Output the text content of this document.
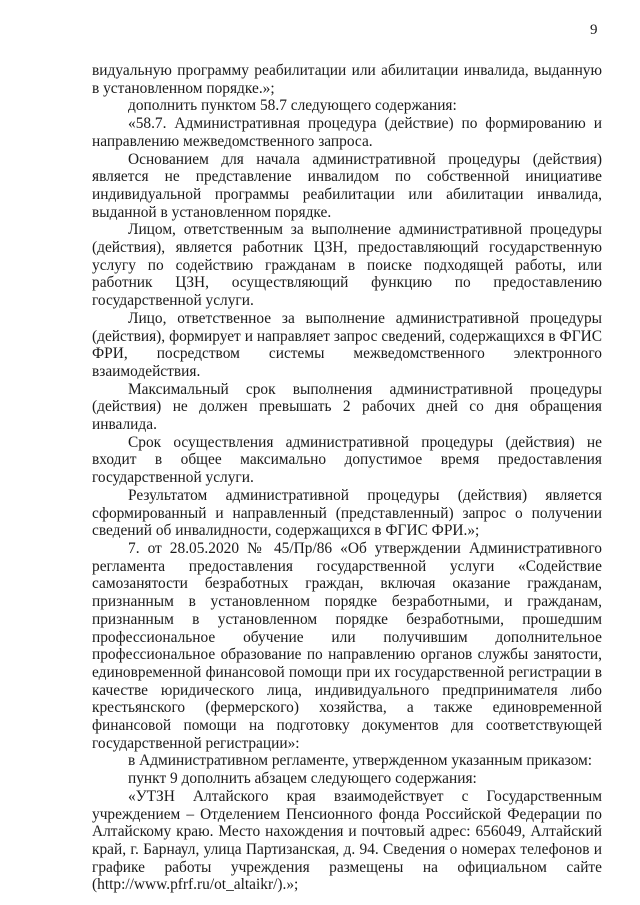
9

видуальную программу реабилитации или абилитации инвалида, выданную в установленном порядке.»;

дополнить пунктом 58.7 следующего содержания:

«58.7. Административная процедура (действие) по формированию и направлению межведомственного запроса.

Основанием для начала административной процедуры (действия) является не представление инвалидом по собственной инициативе индивидуальной программы реабилитации или абилитации инвалида, выданной в установленном порядке.

Лицом, ответственным за выполнение административной процедуры (действия), является работник ЦЗН, предоставляющий государственную услугу по содействию гражданам в поиске подходящей работы, или работник ЦЗН, осуществляющий функцию по предоставлению государственной услуги.

Лицо, ответственное за выполнение административной процедуры (действия), формирует и направляет запрос сведений, содержащихся в ФГИС ФРИ, посредством системы межведомственного электронного взаимодействия.

Максимальный срок выполнения административной процедуры (действия) не должен превышать 2 рабочих дней со дня обращения инвалида.

Срок осуществления административной процедуры (действия) не входит в общее максимально допустимое время предоставления государственной услуги.

Результатом административной процедуры (действия) является сформированный и направленный (представленный) запрос о получении сведений об инвалидности, содержащихся в ФГИС ФРИ.»;

7. от 28.05.2020 № 45/Пр/86 «Об утверждении Административного регламента предоставления государственной услуги «Содействие самозанятости безработных граждан, включая оказание гражданам, признанным в установленном порядке безработными, и гражданам, признанным в установленном порядке безработными, прошедшим профессиональное обучение или получившим дополнительное профессиональное образование по направлению органов службы занятости, единовременной финансовой помощи при их государственной регистрации в качестве юридического лица, индивидуального предпринимателя либо крестьянского (фермерского) хозяйства, а также единовременной финансовой помощи на подготовку документов для соответствующей государственной регистрации»:

в Административном регламенте, утвержденном указанным приказом:

пункт 9 дополнить абзацем следующего содержания:

«УТЗН Алтайского края взаимодействует с Государственным учреждением – Отделением Пенсионного фонда Российской Федерации по Алтайскому краю. Место нахождения и почтовый адрес: 656049, Алтайский край, г. Барнаул, улица Партизанская, д. 94. Сведения о номерах телефонов и графике работы учреждения размещены на официальном сайте (http://www.pfrf.ru/ot_altaikr/).»;
